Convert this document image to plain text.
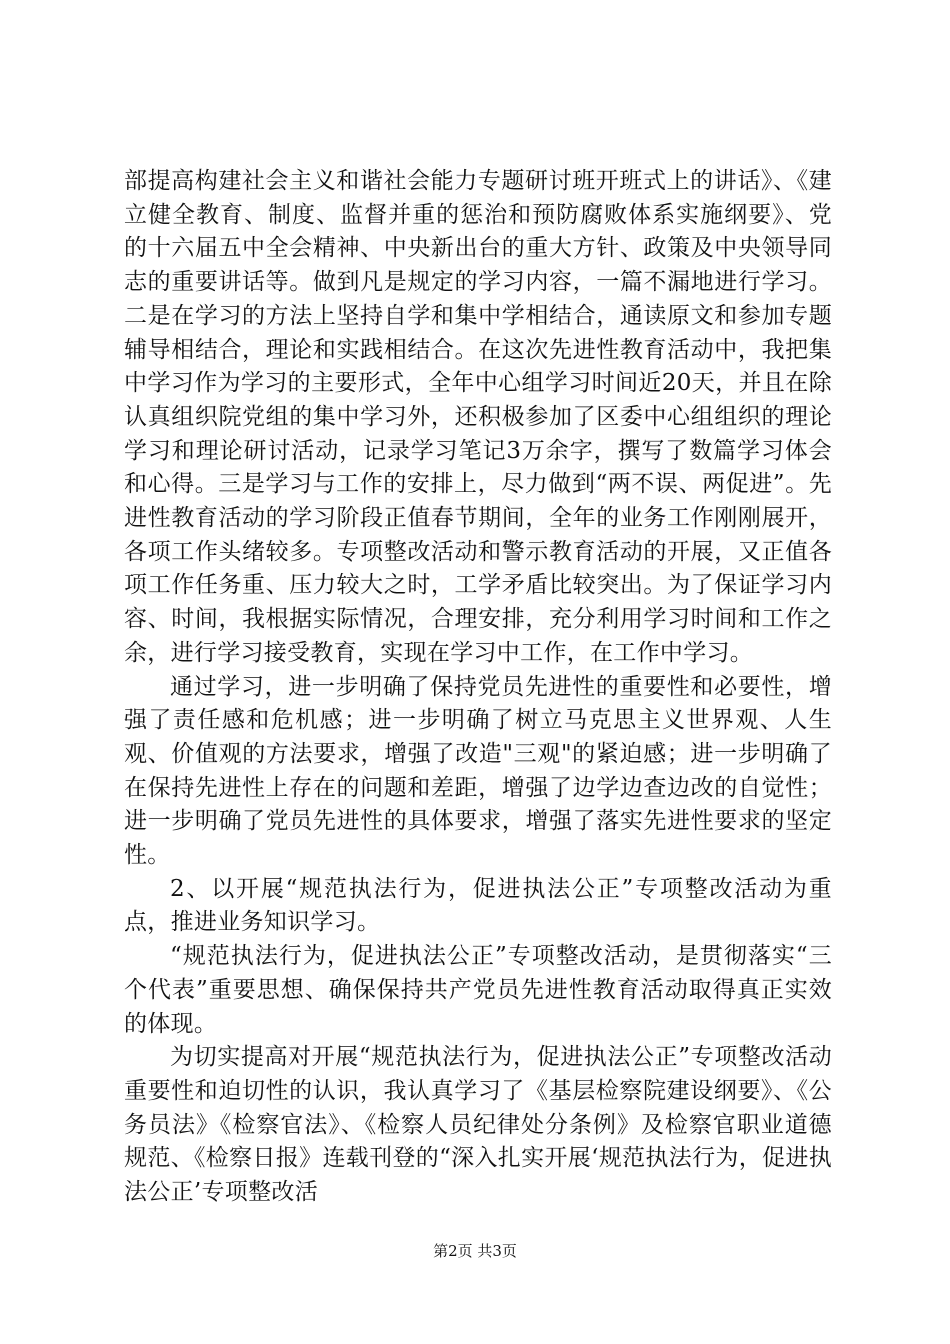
部提高构建社会主义和谐社会能力专题研讨班开班式上的讲话》、《建立健全教育、制度、监督并重的惩治和预防腐败体系实施纲要》、党的十六届五中全会精神、中央新出台的重大方针、政策及中央领导同志的重要讲话等。做到凡是规定的学习内容，一篇不漏地进行学习。二是在学习的方法上坚持自学和集中学相结合，通读原文和参加专题辅导相结合，理论和实践相结合。在这次先进性教育活动中，我把集中学习作为学习的主要形式，全年中心组学习时间近20天，并且在除认真组织院党组的集中学习外，还积极参加了区委中心组组织的理论学习和理论研讨活动，记录学习笔记3万余字，撰写了数篇学习体会和心得。三是学习与工作的安排上，尽力做到“两不误、两促进”。先进性教育活动的学习阶段正值春节期间，全年的业务工作刚刚展开，各项工作头绪较多。专项整改活动和警示教育活动的开展，又正值各项工作任务重、压力较大之时，工学矛盾比较突出。为了保证学习内容、时间，我根据实际情况，合理安排，充分利用学习时间和工作之余，进行学习接受教育，实现在学习中工作，在工作中学习。

通过学习，进一步明确了保持党员先进性的重要性和必要性，增强了责任感和危机感；进一步明确了树立马克思主义世界观、人生观、价值观的方法要求，增强了改造"三观"的紧迫感；进一步明确了在保持先进性上存在的问题和差距，增强了边学边查边改的自觉性；进一步明确了党员先进性的具体要求，增强了落实先进性要求的坚定性。

2、以开展“规范执法行为，促进执法公正”专项整改活动为重点，推进业务知识学习。

“规范执法行为，促进执法公正”专项整改活动，是贯彻落实“三个代表”重要思想、确保保持共产党员先进性教育活动取得真正实效的体现。

为切实提高对开展“规范执法行为，促进执法公正”专项整改活动重要性和迫切性的认识，我认真学习了《基层检察院建设纲要》、《公务员法》《检察官法》、《检察人员纪律处分条例》及检察官职业道德规范、《检察日报》连载刊登的“深入扎实开展‘规范执法行为，促进执法公正’专项整改活

第2页 共3页
